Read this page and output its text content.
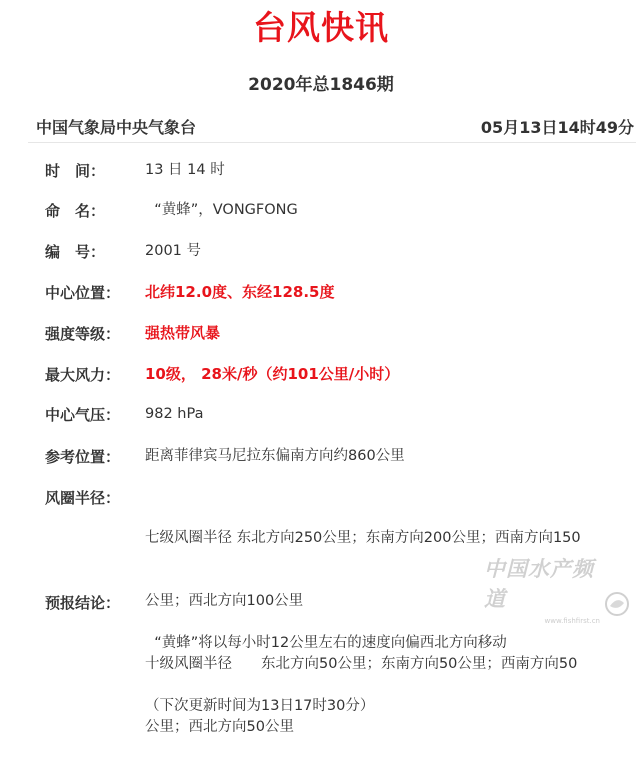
台风快讯
2020年总1846期
中国气象局中央气象台	05月13日14时49分
时　间：	13 日 14 时
命　名：	“黄蜂”，VONGFONG
编　号：	2001 号
中心位置： 北纬12.0度、东经128.5度
强度等级： 强热带风暴
最大风力： 10级， 28米/秒（约101公里/小时）
中心气压： 982 hPa
参考位置： 距离菲律宾马尼拉东偏南方向约860公里
风圈半径：

七级风圈半径 东北方向250公里；东南方向200公里；西南方向150

公里；西北方向100公里

十级风圈半径　　东北方向50公里；东南方向50公里；西南方向50

公里；西北方向50公里

预报结论：

“黄蜂”将以每小时12公里左右的速度向偏西北方向移动

（下次更新时间为13日17时30分）

中国水产频道
www.fishfirst.cn
